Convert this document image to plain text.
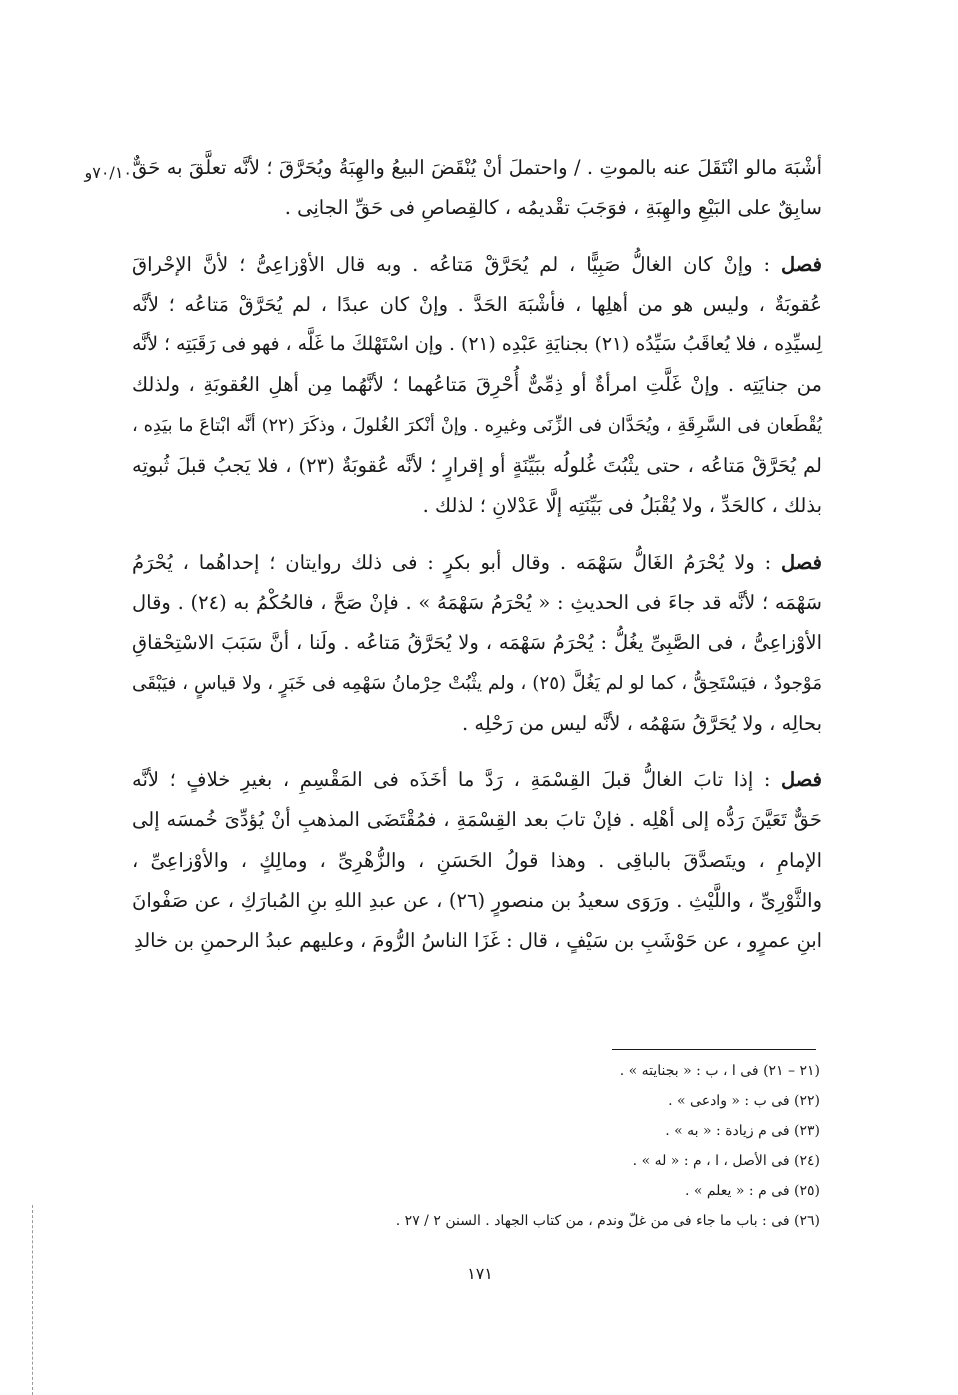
٧٠/١٠و أشْبَهَ مالو انْتَقَلَ عنه بالموتِ . / واحتملَ أنْ يُنْقَضَ البيعُ والهِبَةُ ويُحَرَّقَ ؛ لأنَّه تعلَّقَ به حَقٌّ
سابِقٌ على البَيْعِ والهِبَةِ ، فوَجَبَ تقْديمُه ، كالقِصاصِ فى حَقِّ الجانِى .
فصل : وإنْ كان الغالُّ صَبِيًّا ، لم يُحَرَّقْ مَتاعُه . وبه قال الأوْزاعِىُّ ؛ لأنَّ الإحْراقَ
عُقوبَةٌ ، وليس هو من أهلِها ، فأشْبَهَ الحَدَّ . وإنْ كان عبدًا ، لم يُحَرَّقْ مَتاعُه ؛ لأنَّه
لِسيِّدِه ، فلا يُعاقَبُ سَيِّدُه (٢١) بجنايَةِ عَبْدِه (٢١) . وإن اسْتَهْلكَ ما غَلَّه ، فهو فى رَقَبَتِه ؛ لأنَّه
من جنايَتِه . وإنْ غَلَّتِ امرأةٌ أو ذِمِّىٌّ أُحْرِقَ مَتاعُهما ؛ لأنَّهُما مِن أهلِ العُقوبَةِ ، ولذلك
يُقْطَعان فى السَّرِقَةِ ، ويُحَدَّان فى الزِّنَى وغيرِه . وإنْ أنْكرَ الغُلولَ ، وذكَرَ (٢٢) أنَّه ابْتاعَ ما بيَدِه ،
لم يُحَرَّقْ مَتاعُه ، حتى يثْبُتَ غُلولُه ببَيِّنَةٍ أو إقرارٍ ؛ لأنَّه عُقوبَةٌ (٢٣) ، فلا يَجبُ قبلَ ثُبوتِه
بذلك ، كالحَدِّ ، ولا يُقْبَلُ فى بَيِّنَتِه إلَّا عَدْلانِ ؛ لذلك .
فصل : ولا يُحْرَمُ الغَالُّ سَهْمَه . وقال أبو بكرٍ : فى ذلك روايتان ؛ إحداهُما ، يُحْرَمُ
سَهْمَه ؛ لأنَّه قد جاءَ فى الحديثِ : « يُحْرَمُ سَهْمَهُ » . فإنْ صَحَّ ، فالحُكْمُ به (٢٤) . وقال
الأوْزاعِىُّ ، فى الصَّبِىِّ يغُلُّ : يُحْرَمُ سَهْمَه ، ولا يُحَرَّقُ مَتاعُه . ولَنا ، أنَّ سَبَبَ الاسْتِحْقاقِ
مَوْجودٌ ، فيَسْتَحِقُّ ، كما لو لم يَغُلَّ (٢٥) ، ولم يثْبُتْ حِرْمانُ سَهْمِه فى خَبَرٍ ، ولا قياسٍ ، فيَبْقَى
بحالِه ، ولا يُحَرَّقُ سَهْمُه ، لأنَّه ليس من رَحْلِه .
فصل : إذا تابَ الغالُّ قبلَ القِسْمَةِ ، رَدَّ ما أخَذَه فى المَقْسِمِ ، بغيرِ خلافٍ ؛ لأنَّه
حَقٌّ تَعَيَّنَ رَدُّه إلى أهْلِه . فإنْ تابَ بعد القِسْمَةِ ، فمُقْتَضَى المذهبِ أنْ يُؤدِّىَ خُمسَه إلى
الإمامِ ، ويتَصدَّقَ بالباقِى . وهذا قولُ الحَسَنِ ، والزُّهْرِىِّ ، ومالِكٍ ، والأوْزاعِىِّ ،
والثَّوْرِىِّ ، واللَّيْثِ . ورَوَى سعيدُ بن منصورٍ (٢٦) ، عن عبدِ اللهِ بنِ المُبارَكِ ، عن صَفْوانَ
ابنِ عمرٍو ، عن حَوْشَبِ بن سَيْفٍ ، قال : غَزَا الناسُ الرُّومَ ، وعليهم عبدُ الرحمنِ بن خالدِ
(٢١ – ٢١) فى ا ، ب : « بجنايته » .
(٢٢) فى ب : « وادعى » .
(٢٣) فى م زيادة : « به » .
(٢٤) فى الأصل ، ا ، م : « له » .
(٢٥) فى م : « يعلم » .
(٢٦) فى : باب ما جاء فى من غلّ وندم ، من كتاب الجهاد . السنن ٢ / ٢٧ .
١٧١
